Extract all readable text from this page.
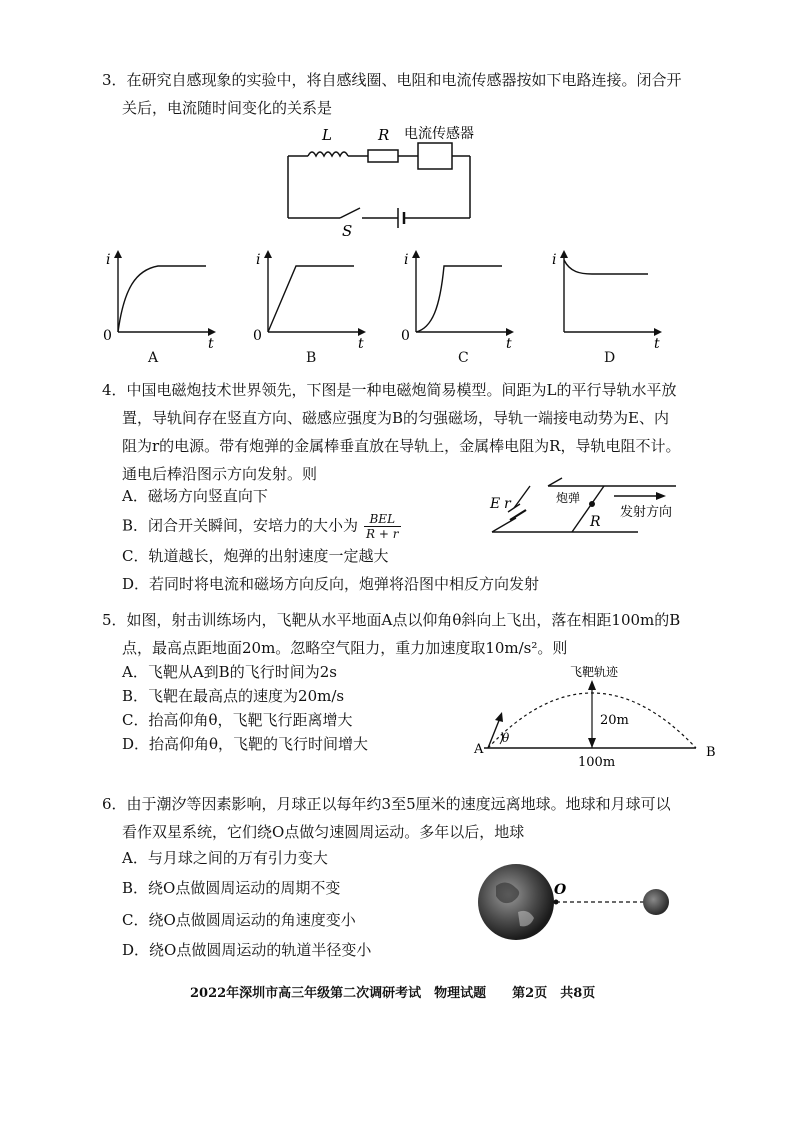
3．在研究自感现象的实验中，将自感线圈、电阻和电流传感器按如下电路连接。闭合开
关后，电流随时间变化的关系是
L	R 电流传感器
S
i
0	t
A
i
0	t
B
i
0	t
C
i
t
D
4．中国电磁炮技术世界领先，下图是一种电磁炮简易模型。间距为L的平行导轨水平放
置，导轨间存在竖直方向、磁感应强度为B的匀强磁场，导轨一端接电动势为E、内
阻为r的电源。带有炮弹的金属棒垂直放在导轨上，金属棒电阻为R，导轨电阻不计。
通电后棒沿图示方向发射。则
A．磁场方向竖直向下
B．闭合开关瞬间，安培力的大小为 $\frac{\text{BEL}}{R + r}$
C．轨道越长，炮弹的出射速度一定越大
D．若同时将电流和磁场方向反向，炮弹将沿图中相反方向发射
E r	炮弹
R
发射方向
5．如图，射击训练场内，飞靶从水平地面A点以仰角θ斜向上飞出，落在相距100m的B
点，最高点距地面20m。忽略空气阻力，重力加速度取10m/s²。则
A．飞靶从A到B的飞行时间为2s
B．飞靶在最高点的速度为20m/s
C．抬高仰角θ，飞靶飞行距离增大
D．抬高仰角θ，飞靶的飞行时间增大
飞靶轨迹
20m
θ
A	B
100m
6．由于潮汐等因素影响，月球正以每年约3至5厘米的速度远离地球。地球和月球可以
看作双星系统，它们绕O点做匀速圆周运动。多年以后，地球
A．与月球之间的万有引力变大
B．绕O点做圆周运动的周期不变
C．绕O点做圆周运动的角速度变小
D．绕O点做圆周运动的轨道半径变小
O
2022年深圳市高三年级第二次调研考试　物理试题　　第2页　共8页
